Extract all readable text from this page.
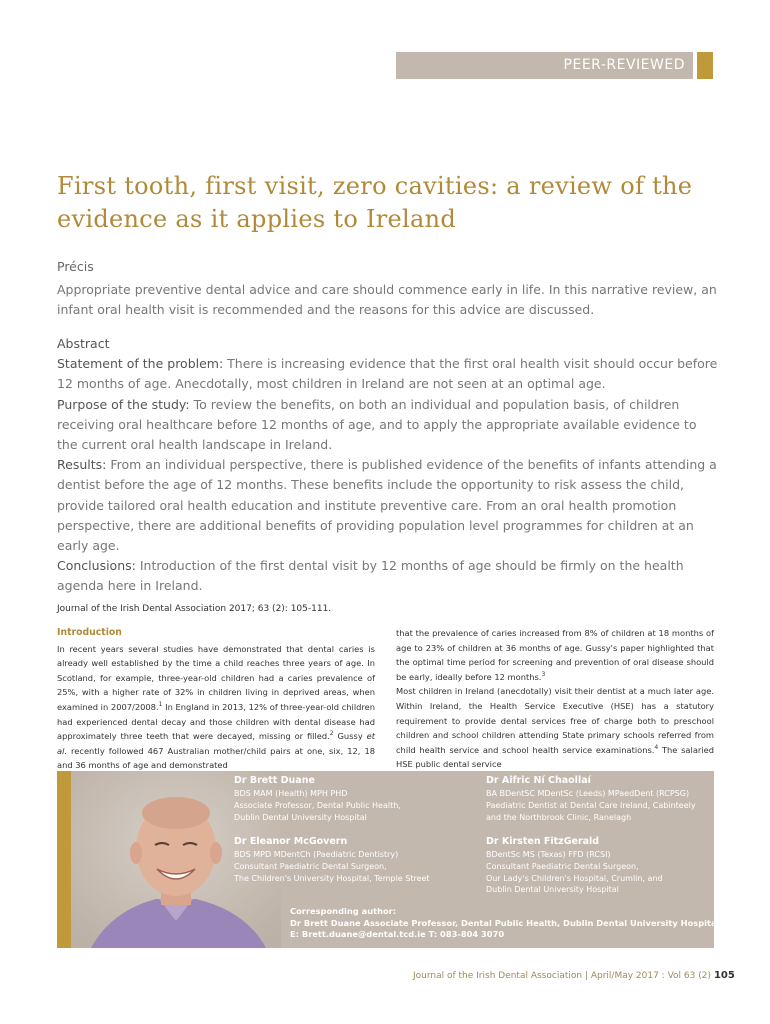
PEER-REVIEWED
First tooth, first visit, zero cavities: a review of the evidence as it applies to Ireland
Précis
Appropriate preventive dental advice and care should commence early in life. In this narrative review, an infant oral health visit is recommended and the reasons for this advice are discussed.
Abstract
Statement of the problem: There is increasing evidence that the first oral health visit should occur before 12 months of age. Anecdotally, most children in Ireland are not seen at an optimal age.
Purpose of the study: To review the benefits, on both an individual and population basis, of children receiving oral healthcare before 12 months of age, and to apply the appropriate available evidence to the current oral health landscape in Ireland.
Results: From an individual perspective, there is published evidence of the benefits of infants attending a dentist before the age of 12 months. These benefits include the opportunity to risk assess the child, provide tailored oral health education and institute preventive care. From an oral health promotion perspective, there are additional benefits of providing population level programmes for children at an early age.
Conclusions: Introduction of the first dental visit by 12 months of age should be firmly on the health agenda here in Ireland.
Journal of the Irish Dental Association 2017; 63 (2): 105-111.
Introduction

In recent years several studies have demonstrated that dental caries is already well established by the time a child reaches three years of age. In Scotland, for example, three-year-old children had a caries prevalence of 25%, with a higher rate of 32% in children living in deprived areas, when examined in 2007/2008.$^1$ In England in 2013, 12% of three-year-old children had experienced dental decay and those children with dental disease had approximately three teeth that were decayed, missing or filled.$^2$ Gussy et al. recently followed 467 Australian mother/child pairs at one, six, 12, 18 and 36 months of age and demonstrated

that the prevalence of caries increased from 8% of children at 18 months of age to 23% of children at 36 months of age. Gussy's paper highlighted that the optimal time period for screening and prevention of oral disease should be early, ideally before 12 months.$^3$

Most children in Ireland (anecdotally) visit their dentist at a much later age. Within Ireland, the Health Service Executive (HSE) has a statutory requirement to provide dental services free of charge both to preschool children and school children attending State primary schools referred from child health service and school health service examinations.$^4$ The salaried HSE public dental service

Dr Brett Duane
BDS MAM (Health) MPH PHD
Associate Professor, Dental Public Health,
Dublin Dental University Hospital
Dr Aifric Ní Chaollaí
BA BDentSC MDentSc (Leeds) MPaedDent (RCPSG)
Paediatric Dentist at Dental Care Ireland, Cabinteely
and the Northbrook Clinic, Ranelagh
Dr Eleanor McGovern
BDS MPD MDentCh (Paediatric Dentistry)
Consultant Paediatric Dental Surgeon,
The Children's University Hospital, Temple Street
Dr Kirsten FitzGerald
BDentSc MS (Texas) FFD (RCSI)
Consultant Paediatric Dental Surgeon,
Our Lady's Children's Hospital, Crumlin, and
Dublin Dental University Hospital
Corresponding author:
Dr Brett Duane Associate Professor, Dental Public Health, Dublin Dental University Hospital
E: Brett.duane@dental.tcd.ie T: 083-804 3070
Journal of the Irish Dental Association | April/May 2017 : Vol 63 (2) 105
